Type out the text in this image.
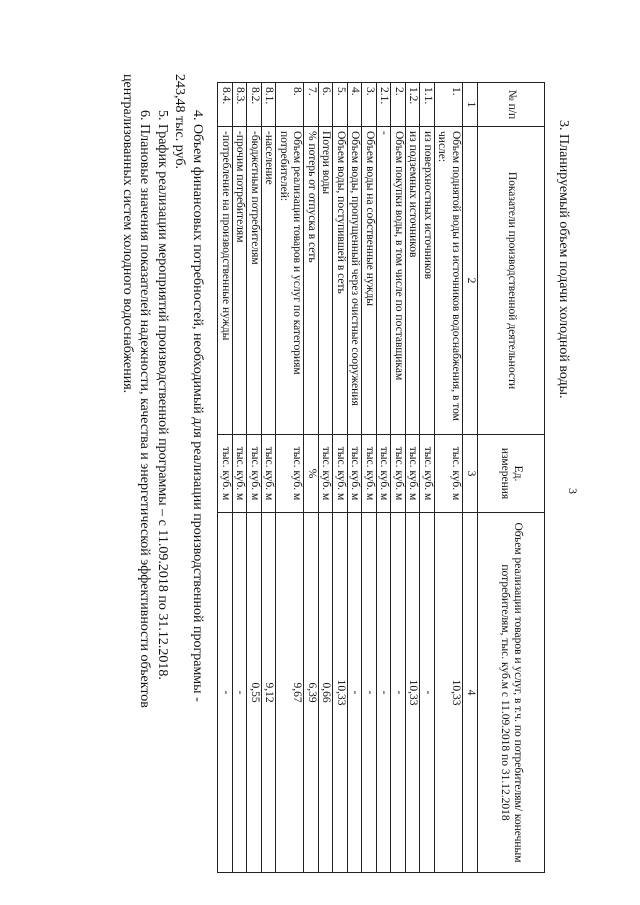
3
3. Планируемый объем подачи холодной воды.
№ п/п	Показатели производственной деятельности	Ед. измерения	Объем реализации товаров и услуг, в т.ч. по потребителям/ конечным потребителям, тыс. куб.м с 11.09.2018 по 31.12.2018
1	2	3	4
1.	Объем поднятой воды из источников водоснабжения, в том числе:	тыс. куб. м	10,33
1.1.	из поверхностных источников	тыс. куб. м	-
1.2.	из подземных источников	тыс. куб. м	10,33
2.	Объем покупки воды, в том числе по поставщикам	тыс. куб. м	-
2.1.	-	тыс. куб. м	-
3.	Объем воды на собственные нужды	тыс. куб. м	-
4.	Объем воды, пропущенный через очистные сооружения	тыс. куб. м	-
5.	Объем воды, поступившей в сеть	тыс. куб. м	10,33
6.	Потери воды	тыс. куб. м	0,66
7.	% потерь от отпуска в сеть	%	6,39
8.	Объем реализации товаров и услуг по категориям потребителей:	тыс. куб. м	9,67
8.1.	-население	тыс. куб. м	9,12
8.2.	-бюджетным потребителям	тыс. куб. м	0,55
8.3.	-прочим потребителям	тыс. куб. м	-
8.4.	-потребление на производственные нужды	тыс. куб. м	-

4. Объем финансовых потребностей, необходимый для реализации производственной программы -

243,48 тыс. руб.

5. График реализации мероприятий производственной программы – с 11.09.2018 по 31.12.2018.

6. Плановые значения показателей надежности, качества и энергетической эффективности объектов

централизованных систем холодного водоснабжения.
